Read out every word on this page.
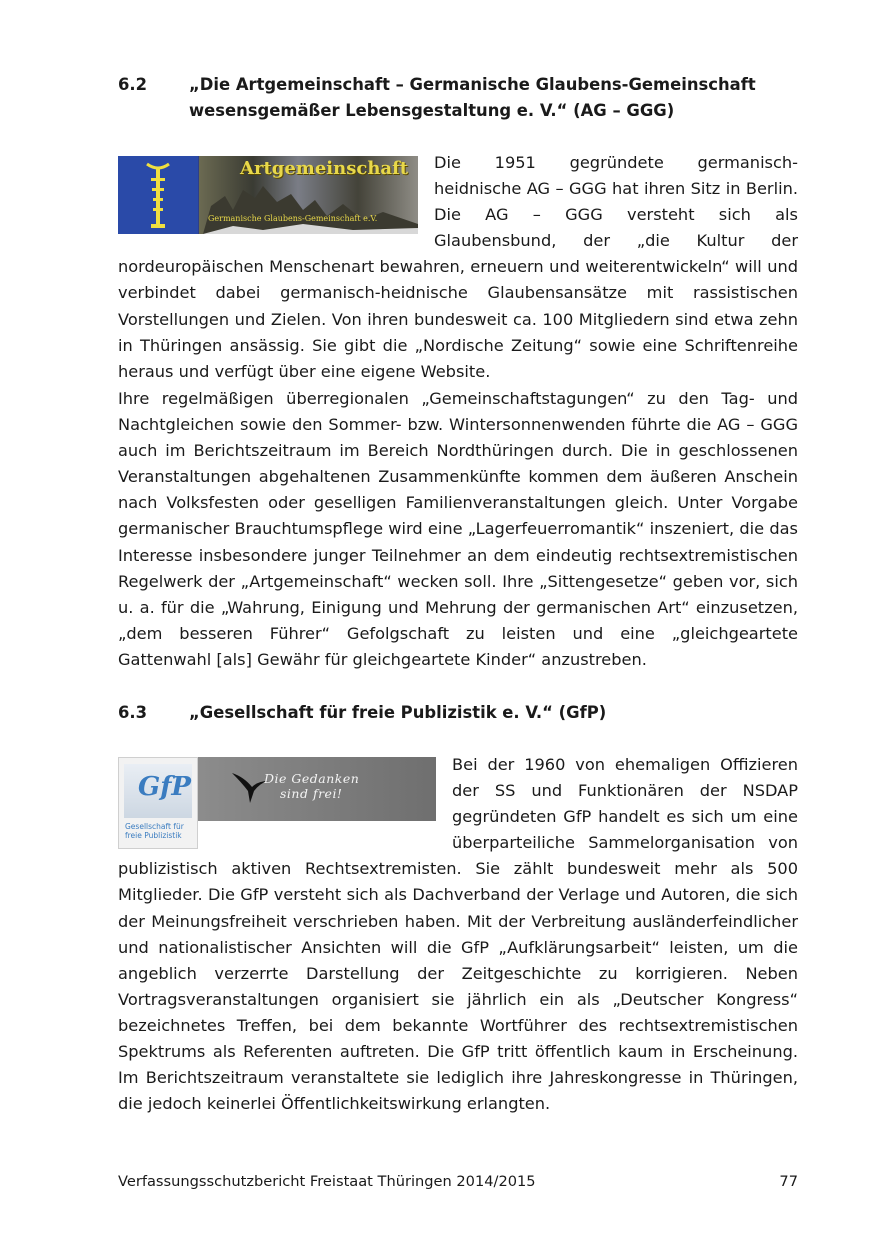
6.2	„Die Artgemeinschaft – Germanische Glaubens-Gemeinschaft wesensgemäßer Lebensgestaltung e. V.“ (AG – GGG)
Artgemeinschaft
Germanische Glaubens-Gemeinschaft e.V.
Die 1951 gegründete germanisch-heidnische AG – GGG hat ihren Sitz in Berlin. Die AG – GGG versteht sich als Glaubensbund, der „die Kultur der nordeuropäischen Menschenart bewahren, erneuern und weiterentwickeln“ will und verbindet dabei germanisch-heidnische Glaubensansätze mit rassistischen Vorstellungen und Zielen. Von ihren bundesweit ca. 100 Mitgliedern sind etwa zehn in Thüringen ansässig. Sie gibt die „Nordische Zeitung“ sowie eine Schriftenreihe heraus und verfügt über eine eigene Website.

Ihre regelmäßigen überregionalen „Gemeinschaftstagungen“ zu den Tag- und Nachtgleichen sowie den Sommer- bzw. Wintersonnenwenden führte die AG – GGG auch im Berichtszeitraum im Bereich Nordthüringen durch. Die in geschlossenen Veranstaltungen abgehaltenen Zusammenkünfte kommen dem äußeren Anschein nach Volksfesten oder geselligen Familienveranstaltungen gleich. Unter Vorgabe germanischer Brauchtumspflege wird eine „Lagerfeuerromantik“ inszeniert, die das Interesse insbesondere junger Teilnehmer an dem eindeutig rechtsextremistischen Regelwerk der „Artgemeinschaft“ wecken soll. Ihre „Sittengesetze“ geben vor, sich u. a. für die „Wahrung, Einigung und Mehrung der germanischen Art“ einzusetzen, „dem besseren Führer“ Gefolgschaft zu leisten und eine „gleichgeartete Gattenwahl [als] Gewähr für gleichgeartete Kinder“ anzustreben.

6.3	„Gesellschaft für freie Publizistik e. V.“ (GfP)
Die Gedanken
sind frei!
GfP
Gesellschaft für freie Publizistik
Bei der 1960 von ehemaligen Offizieren der SS und Funktionären der NSDAP gegründeten GfP handelt es sich um eine überparteiliche Sammelorganisation von publizistisch aktiven Rechtsextremisten. Sie zählt bundesweit mehr als 500 Mitglieder. Die GfP versteht sich als Dachverband der Verlage und Autoren, die sich der Meinungsfreiheit verschrieben haben. Mit der Verbreitung ausländerfeindlicher und nationalistischer Ansichten will die GfP „Aufklärungsarbeit“ leisten, um die angeblich verzerrte Darstellung der Zeitgeschichte zu korrigieren. Neben Vortragsveranstaltungen organisiert sie jährlich ein als „Deutscher Kongress“ bezeichnetes Treffen, bei dem bekannte Wortführer des rechtsextremistischen Spektrums als Referenten auftreten. Die GfP tritt öffentlich kaum in Erscheinung. Im Berichtszeitraum veranstaltete sie lediglich ihre Jahreskongresse in Thüringen, die jedoch keinerlei Öffentlichkeitswirkung erlangten.
Verfassungsschutzbericht Freistaat Thüringen 2014/2015	77
